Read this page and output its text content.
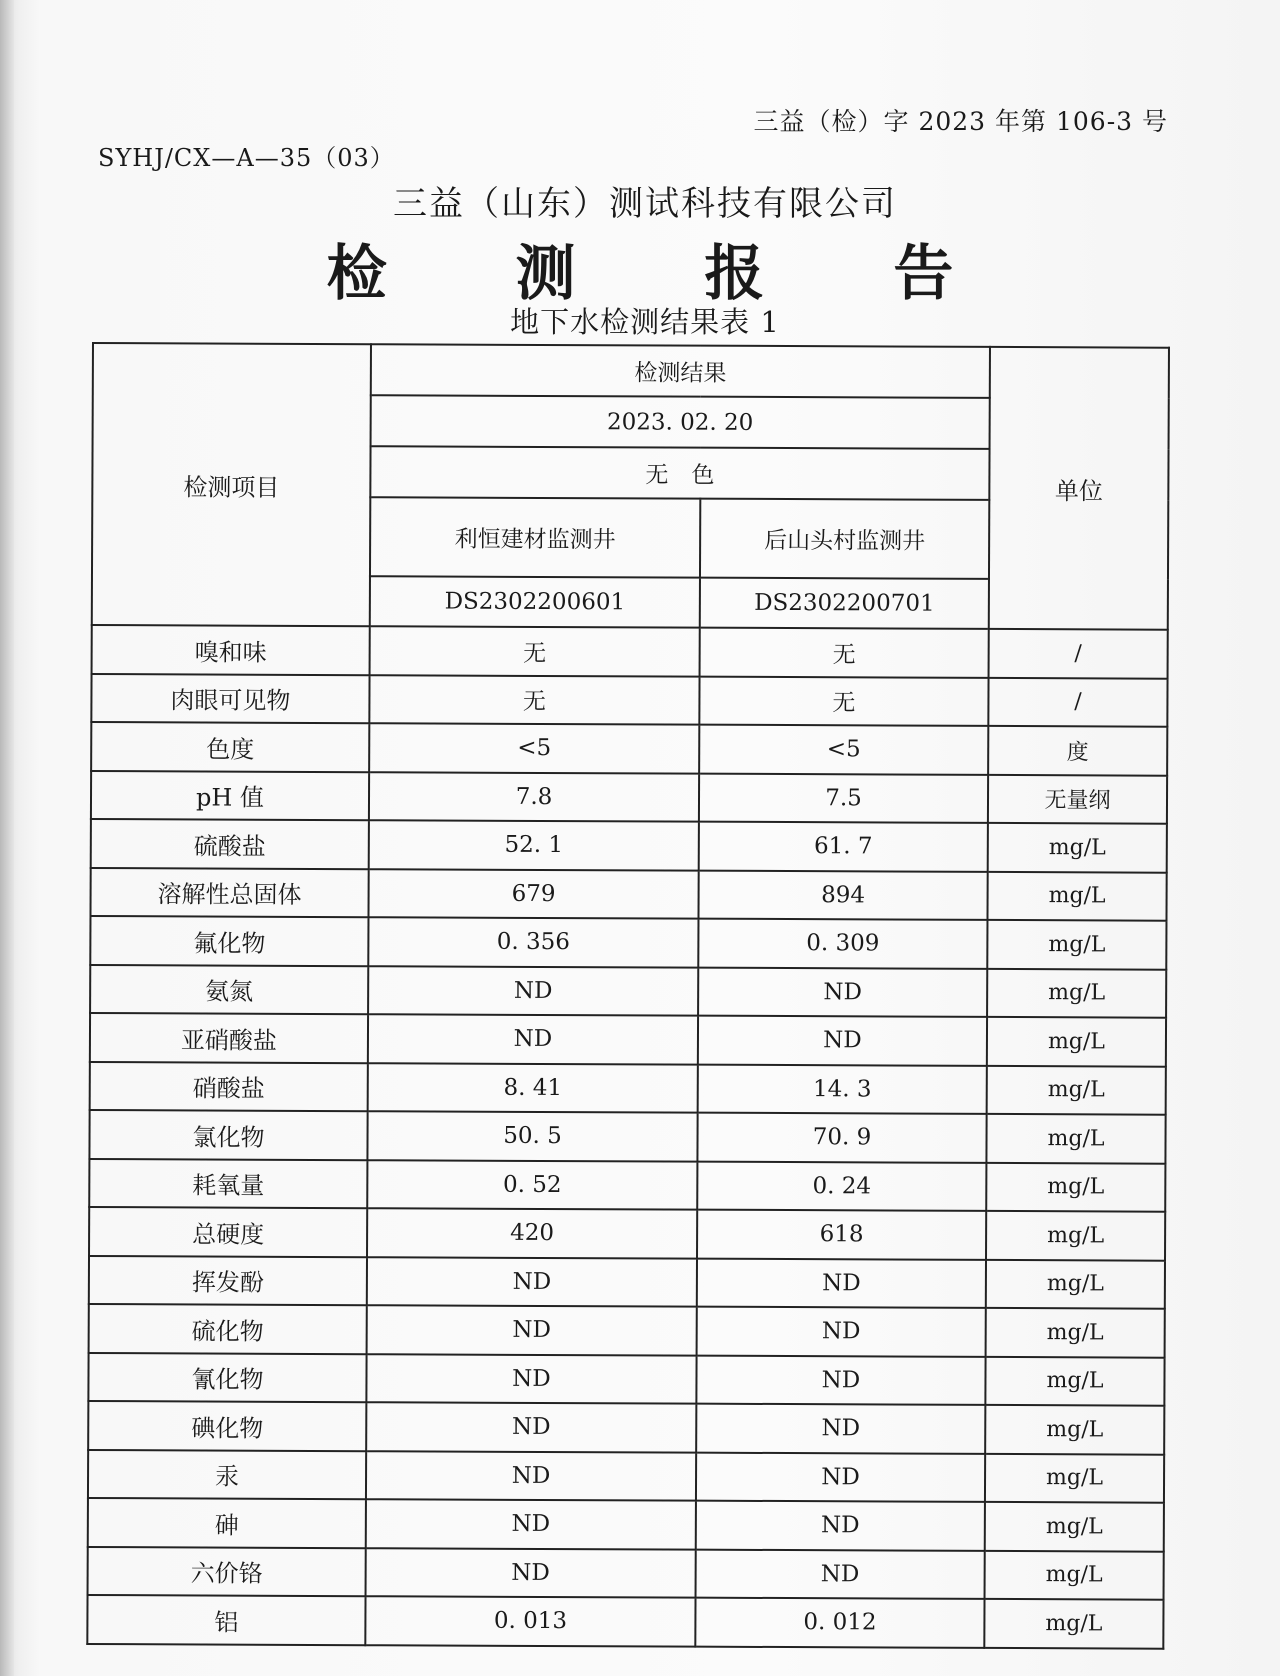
三益（检）字 2023 年第 106-3 号
SYHJ/CX—A—35（03）
三益（山东）测试科技有限公司
检 测 报 告
地下水检测结果表 1
检测项目	检测结果		单位
	2023. 02. 20		
	无　色		
	利恒建材监测井	后山头村监测井	
	DS2302200601	DS2302200701	
嗅和味	无	无	/
肉眼可见物	无	无	/
色度	<5	<5	度
pH 值	7.8	7.5	无量纲
硫酸盐	52. 1	61. 7	mg/L
溶解性总固体	679	894	mg/L
氟化物	0. 356	0. 309	mg/L
氨氮	ND	ND	mg/L
亚硝酸盐	ND	ND	mg/L
硝酸盐	8. 41	14. 3	mg/L
氯化物	50. 5	70. 9	mg/L
耗氧量	0. 52	0. 24	mg/L
总硬度	420	618	mg/L
挥发酚	ND	ND	mg/L
硫化物	ND	ND	mg/L
氰化物	ND	ND	mg/L
碘化物	ND	ND	mg/L
汞	ND	ND	mg/L
砷	ND	ND	mg/L
六价铬	ND	ND	mg/L
铝	0. 013	0. 012	mg/L
